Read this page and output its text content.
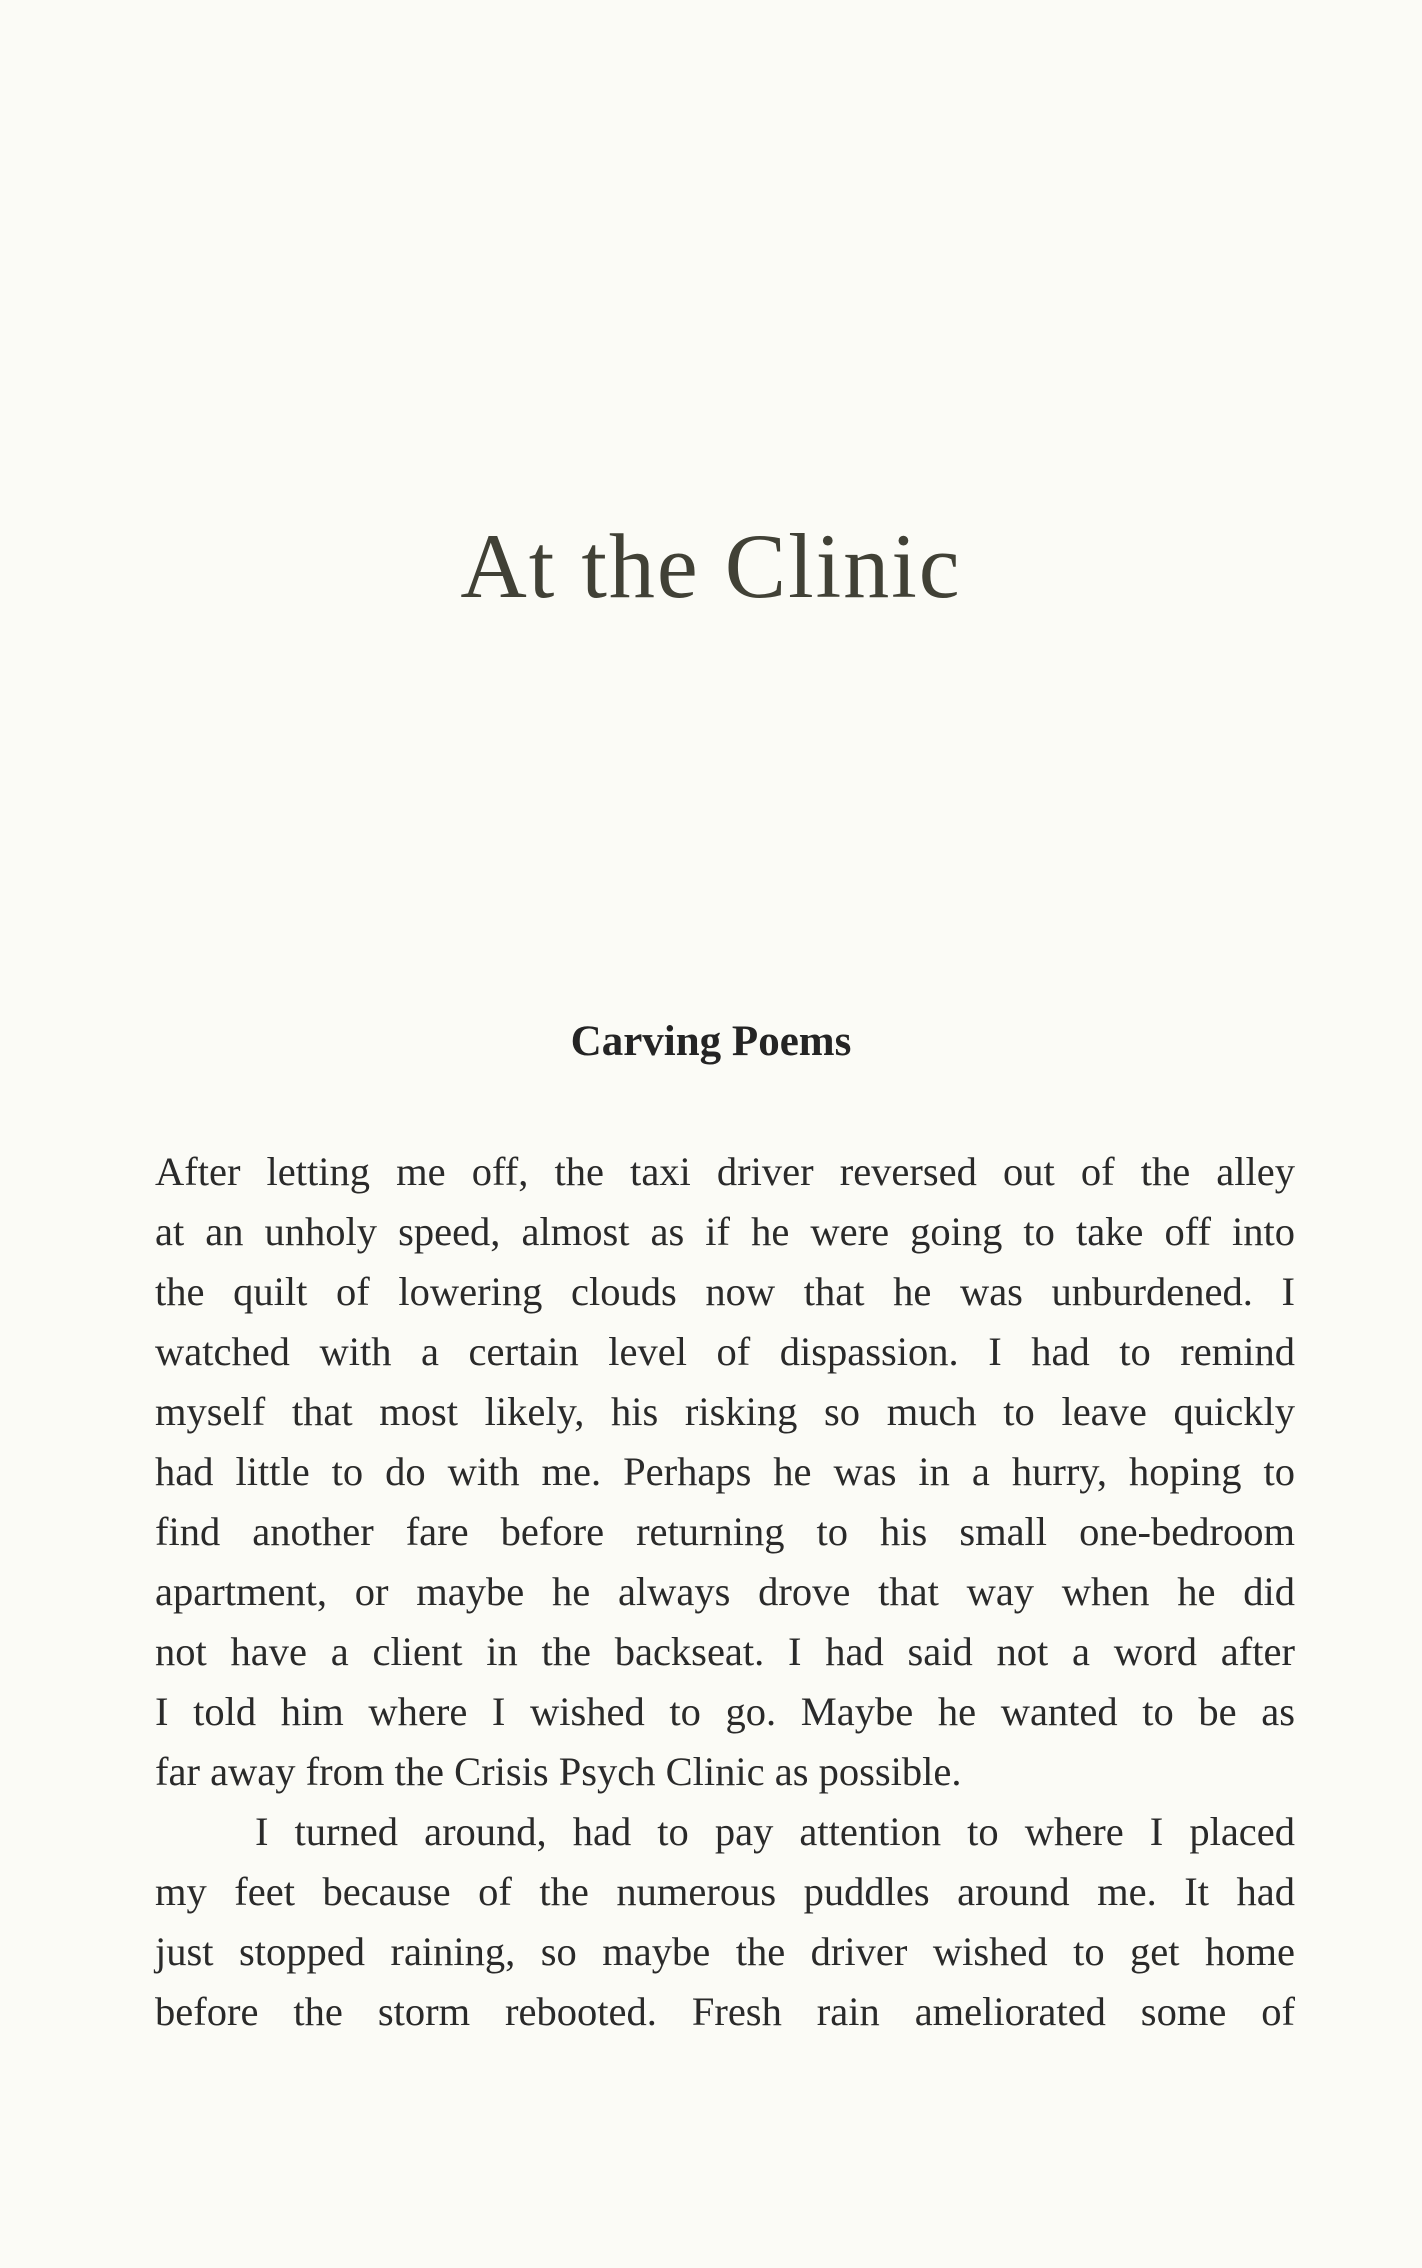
At the Clinic
Carving Poems

After letting me off, the taxi driver reversed out of the alley

at an unholy speed, almost as if he were going to take off into

the quilt of lowering clouds now that he was unburdened. I

watched with a certain level of dispassion. I had to remind

myself that most likely, his risking so much to leave quickly

had little to do with me. Perhaps he was in a hurry, hoping to

find another fare before returning to his small one-bedroom

apartment, or maybe he always drove that way when he did

not have a client in the backseat. I had said not a word after

I told him where I wished to go. Maybe he wanted to be as

far away from the Crisis Psych Clinic as possible.

I turned around, had to pay attention to where I placed

my feet because of the numerous puddles around me. It had

just stopped raining, so maybe the driver wished to get home

before the storm rebooted. Fresh rain ameliorated some of
